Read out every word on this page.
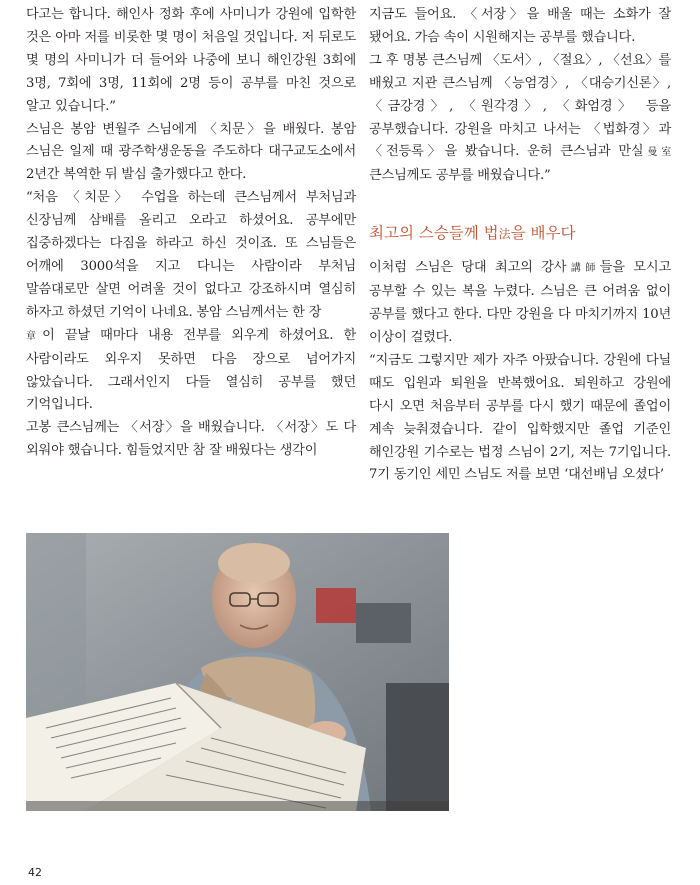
다고는 합니다. 해인사 정화 후에 사미니가 강원에 입학한 것은 아마 저를 비롯한 몇 명이 처음일 것입니다. 저 뒤로도 몇 명의 사미니가 더 들어와 나중에 보니 해인강원 3회에 3명, 7회에 3명, 11회에 2명 등이 공부를 마친 것으로 알고 있습니다.”

스님은 봉암 변월주 스님에게 〈치문〉을 배웠다. 봉암 스님은 일제 때 광주학생운동을 주도하다 대구교도소에서 2년간 복역한 뒤 발심 출가했다고 한다.

“처음 〈치문〉 수업을 하는데 큰스님께서 부처님과 신장님께 삼배를 올리고 오라고 하셨어요. 공부에만 집중하겠다는 다짐을 하라고 하신 것이죠. 또 스님들은 어깨에 3000석을 지고 다니는 사람이라 부처님 말씀대로만 살면 어려울 것이 없다고 강조하시며 열심히 하자고 하셨던 기억이 나네요. 봉암 스님께서는 한 장
章이 끝날 때마다 내용 전부를 외우게 하셨어요. 한 사람이라도 외우지 못하면 다음 장으로 넘어가지 않았습니다. 그래서인지 다들 열심히 공부를 했던 기억입니다.

고봉 큰스님께는 〈서장〉을 배웠습니다. 〈서장〉도 다 외워야 했습니다. 힘들었지만 참 잘 배웠다는 생각이

지금도 들어요. 〈서장〉을 배울 때는 소화가 잘 됐어요. 가슴 속이 시원해지는 공부를 했습니다.

그 후 명봉 큰스님께 〈도서〉, 〈절요〉, 〈선요〉를 배웠고 지관 큰스님께 〈능엄경〉, 〈대승기신론〉, 〈금강경〉, 〈원각경〉, 〈화엄경〉 등을 공부했습니다. 강원을 마치고 나서는 〈법화경〉과 〈전등록〉을 봤습니다. 운허 큰스님과 만실曼室 큰스님께도 공부를 배웠습니다.”

최고의 스승들께 법法을 배우다

이처럼 스님은 당대 최고의 강사講師들을 모시고 공부할 수 있는 복을 누렸다. 스님은 큰 어려움 없이 공부를 했다고 한다. 다만 강원을 다 마치기까지 10년 이상이 걸렸다.

“지금도 그렇지만 제가 자주 아팠습니다. 강원에 다닐 때도 입원과 퇴원을 반복했어요. 퇴원하고 강원에 다시 오면 처음부터 공부를 다시 했기 때문에 졸업이 계속 늦춰졌습니다. 같이 입학했지만 졸업 기준인 해인강원 기수로는 법정 스님이 2기, 저는 7기입니다. 7기 동기인 세민 스님도 저를 보면 ‘대선배님 오셨다’

42
